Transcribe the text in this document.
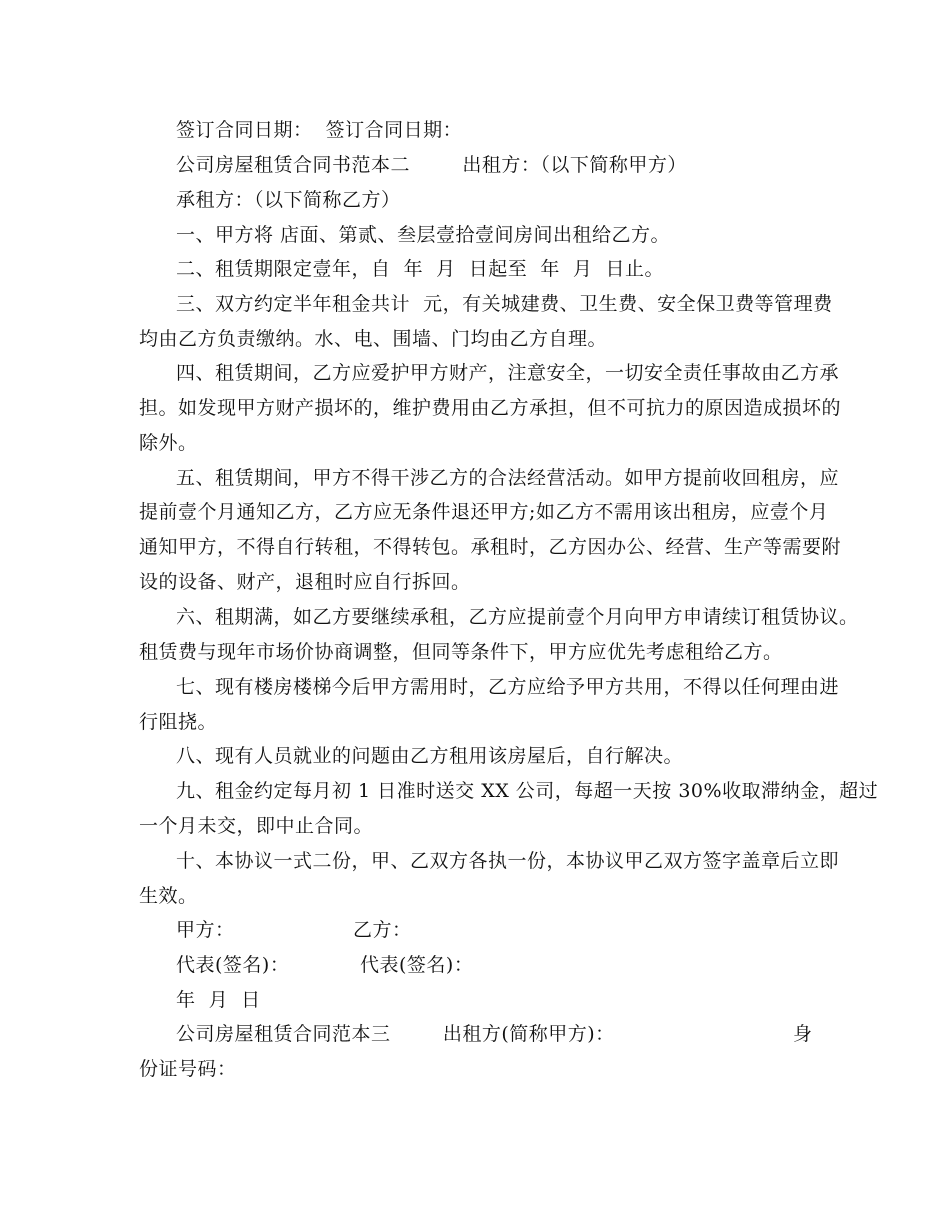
签订合同日期：  签订合同日期：
公司房屋租赁合同书范本二        出租方：（以下简称甲方）
承租方：（以下简称乙方）
一、甲方将 店面、第贰、叁层壹拾壹间房间出租给乙方。
二、租赁期限定壹年，自  年  月  日起至  年  月  日止。
三、双方约定半年租金共计  元，有关城建费、卫生费、安全保卫费等管理费
均由乙方负责缴纳。水、电、围墙、门均由乙方自理。
四、租赁期间，乙方应爱护甲方财产，注意安全，一切安全责任事故由乙方承
担。如发现甲方财产损坏的，维护费用由乙方承担，但不可抗力的原因造成损坏的
除外。
五、租赁期间，甲方不得干涉乙方的合法经营活动。如甲方提前收回租房，应
提前壹个月通知乙方，乙方应无条件退还甲方;如乙方不需用该出租房，应壹个月
通知甲方，不得自行转租，不得转包。承租时，乙方因办公、经营、生产等需要附
设的设备、财产，退租时应自行拆回。
六、租期满，如乙方要继续承租，乙方应提前壹个月向甲方申请续订租赁协议。
租赁费与现年市场价协商调整，但同等条件下，甲方应优先考虑租给乙方。
七、现有楼房楼梯今后甲方需用时，乙方应给予甲方共用，不得以任何理由进
行阻挠。
八、现有人员就业的问题由乙方租用该房屋后，自行解决。
九、租金约定每月初 1 日准时送交 XX 公司，每超一天按 30%收取滞纳金，超过
一个月未交，即中止合同。
十、本协议一式二份，甲、乙双方各执一份，本协议甲乙双方签字盖章后立即
生效。
甲方：	乙方：
代表(签名)：	代表(签名)：
年  月  日
公司房屋租赁合同范本三        出租方(简称甲方)：	身
份证号码：
